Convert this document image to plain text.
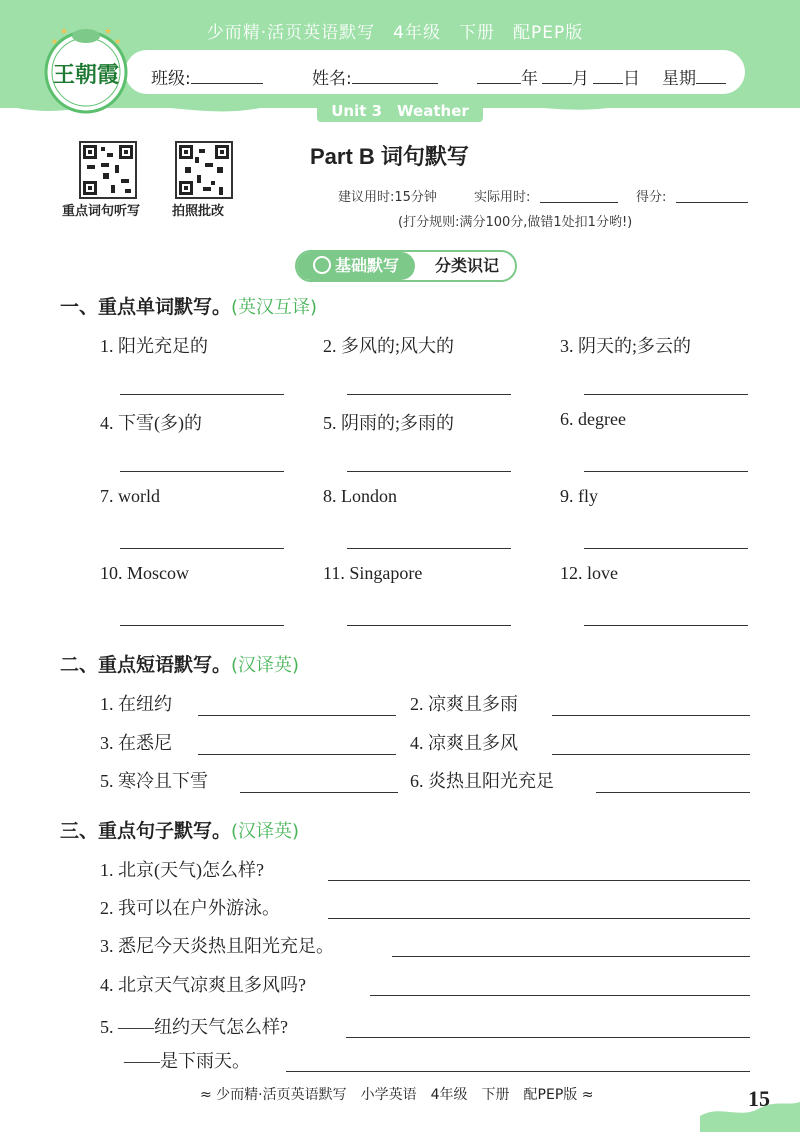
少而精·活页英语默写　4年级　下册　配PEP版
班级:	姓名:	年 月 日 星期
★	★
★	★
王朝霞
Unit 3　Weather
重点词句听写 拍照批改
Part B 词句默写
建议用时:15分钟	实际用时:	得分:
(打分规则:满分100分,做错1处扣1分哟!)
基础默写	分类识记
一、重点单词默写。(英汉互译)
1. 阳光充足的	2. 多风的;风大的	3. 阴天的;多云的
4. 下雪(多)的	5. 阴雨的;多雨的	6. degree
7. world	8. London	9. fly
10. Moscow	11. Singapore	12. love
二、重点短语默写。(汉译英)
1. 在纽约	2. 凉爽且多雨
3. 在悉尼	4. 凉爽且多风
5. 寒冷且下雪	6. 炎热且阳光充足
三、重点句子默写。(汉译英)
1. 北京(天气)怎么样?
2. 我可以在户外游泳。
3. 悉尼今天炎热且阳光充足。
4. 北京天气凉爽且多风吗?
5. ——纽约天气怎么样?
——是下雨天。
≈ 少而精·活页英语默写　小学英语　4年级　下册　配PEP版 ≈	15
